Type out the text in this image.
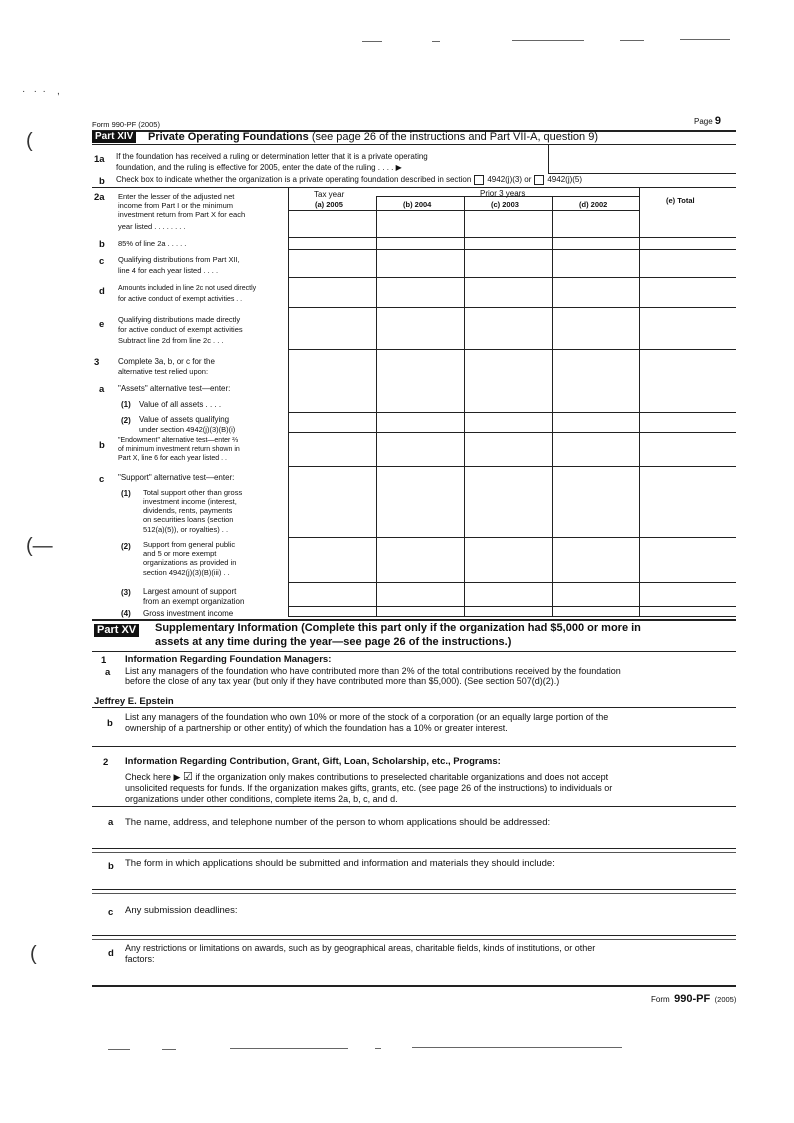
·   ·  ·    ,
(
(—
(
Form 990-PF (2005)	Page 9
Part XIV Private Operating Foundations (see page 26 of the instructions and Part VII-A, question 9)
1a If the foundation has received a ruling or determination letter that it is a private operating
foundation, and the ruling is effective for 2005, enter the date of the ruling . . . . ▶
b Check box to indicate whether the organization is a private operating foundation described in section 4942(j)(3) or 4942(j)(5)
Tax year	Prior 3 years
(a) 2005	(b) 2004	(c) 2003	(d) 2002	(e) Total
2a Enter the lesser of the adjusted net
income from Part I or the minimum
investment return from Part X for each
year listed . . . . . . . .
b 85% of line 2a . . . . .
c Qualifying distributions from Part XII,
line 4 for each year listed . . . .
d Amounts included in line 2c not used directly
for active conduct of exempt activities . .
e Qualifying distributions made directly
for active conduct of exempt activities
Subtract line 2d from line 2c . . .
3 Complete 3a, b, or c for the
alternative test relied upon:
a "Assets" alternative test—enter:
(1) Value of all assets . . . .
(2) Value of assets qualifying
under section 4942(j)(3)(B)(i)
b "Endowment" alternative test—enter ⅔
of minimum investment return shown in
Part X, line 6 for each year listed . .
c "Support" alternative test—enter:
(1) Total support other than gross
investment income (interest,
dividends, rents, payments
on securities loans (section
512(a)(5)), or royalties) . .
(2) Support from general public
and 5 or more exempt
organizations as provided in
section 4942(j)(3)(B)(iii) . .
(3) Largest amount of support
from an exempt organization
(4) Gross investment income
Part XV Supplementary Information (Complete this part only if the organization had $5,000 or more in
assets at any time during the year—see page 26 of the instructions.)
1 Information Regarding Foundation Managers:
a List any managers of the foundation who have contributed more than 2% of the total contributions received by the foundation
before the close of any tax year (but only if they have contributed more than $5,000). (See section 507(d)(2).)
Jeffrey E. Epstein
b
List any managers of the foundation who own 10% or more of the stock of a corporation (or an equally large portion of the
ownership of a partnership or other entity) of which the foundation has a 10% or greater interest.
2 Information Regarding Contribution, Grant, Gift, Loan, Scholarship, etc., Programs:
Check here ▶ ☑ if the organization only makes contributions to preselected charitable organizations and does not accept
unsolicited requests for funds. If the organization makes gifts, grants, etc. (see page 26 of the instructions) to individuals or
organizations under other conditions, complete items 2a, b, c, and d.
a The name, address, and telephone number of the person to whom applications should be addressed:
b The form in which applications should be submitted and information and materials they should include:
c Any submission deadlines:
d Any restrictions or limitations on awards, such as by geographical areas, charitable fields, kinds of institutions, or other
factors:
Form 990-PF (2005)
